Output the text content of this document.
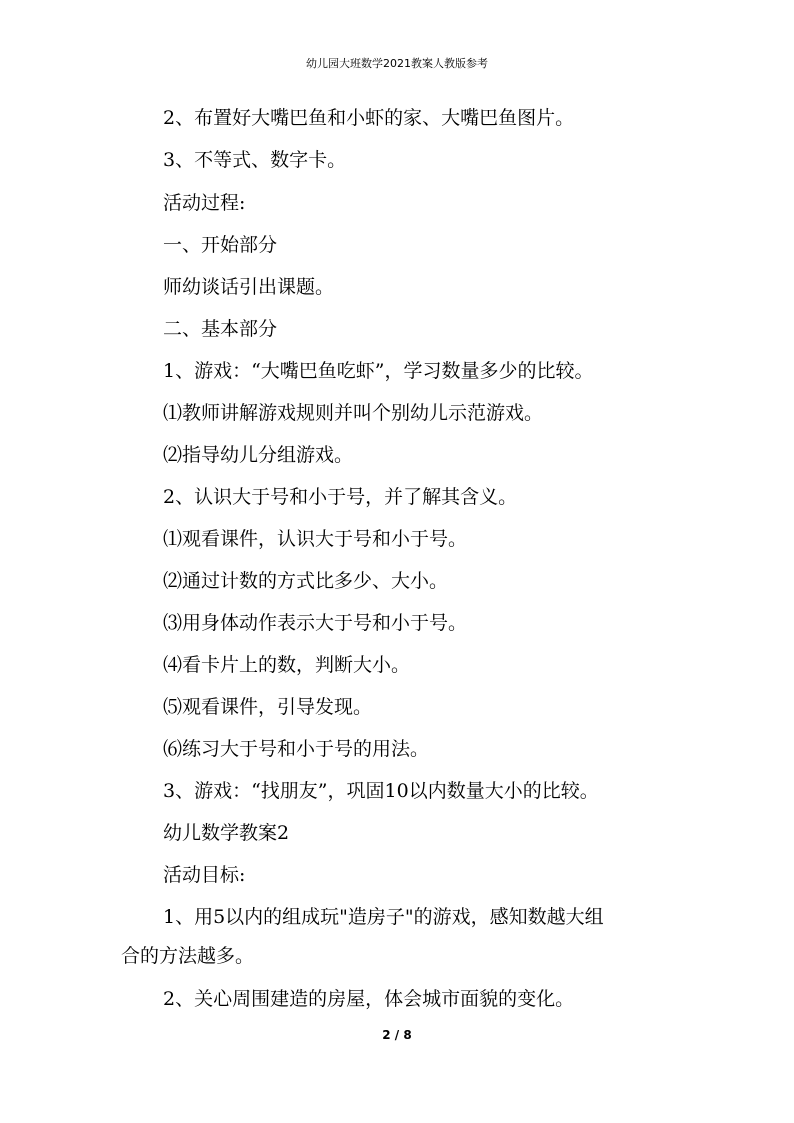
幼儿园大班数学2021教案人教版参考
2、布置好大嘴巴鱼和小虾的家、大嘴巴鱼图片。
3、不等式、数字卡。
活动过程:
一、开始部分
师幼谈话引出课题。
二、基本部分
1、游戏：“大嘴巴鱼吃虾”，学习数量多少的比较。
⑴教师讲解游戏规则并叫个别幼儿示范游戏。
⑵指导幼儿分组游戏。
2、认识大于号和小于号，并了解其含义。
⑴观看课件，认识大于号和小于号。
⑵通过计数的方式比多少、大小。
⑶用身体动作表示大于号和小于号。
⑷看卡片上的数，判断大小。
⑸观看课件，引导发现。
⑹练习大于号和小于号的用法。
3、游戏：“找朋友”，巩固10以内数量大小的比较。
幼儿数学教案2
活动目标:
1、用5以内的组成玩"造房子"的游戏，感知数越大组
合的方法越多。
2、关心周围建造的房屋，体会城市面貌的变化。
2 / 8
